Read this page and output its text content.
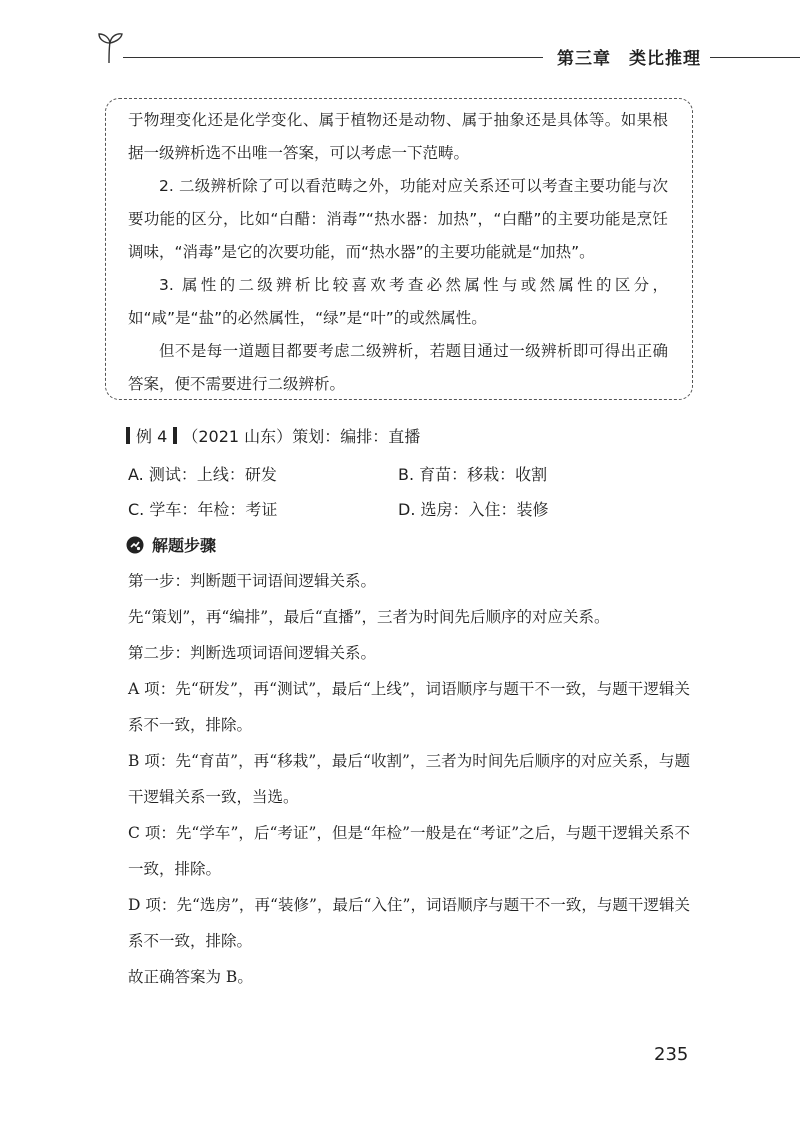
第三章 类比推理

于物理变化还是化学变化、属于植物还是动物、属于抽象还是具体等。如果根据一级辨析选不出唯一答案，可以考虑一下范畴。

2. 二级辨析除了可以看范畴之外，功能对应关系还可以考查主要功能与次要功能的区分，比如“白醋：消毒”“热水器：加热”，“白醋”的主要功能是烹饪调味，“消毒”是它的次要功能，而“热水器”的主要功能就是“加热”。

3. 属性的二级辨析比较喜欢考查必然属性与或然属性的区分，如“咸”是“盐”的必然属性，“绿”是“叶”的或然属性。

但不是每一道题目都要考虑二级辨析，若题目通过一级辨析即可得出正确答案，便不需要进行二级辨析。

例 4 （2021 山东）策划：编排：直播
A. 测试：上线：研发	B. 育苗：移栽：收割
C. 学车：年检：考证	D. 选房：入住：装修
解题步骤

第一步：判断题干词语间逻辑关系。

先“策划”，再“编排”，最后“直播”，三者为时间先后顺序的对应关系。

第二步：判断选项词语间逻辑关系。

A 项：先“研发”，再“测试”，最后“上线”，词语顺序与题干不一致，与题干逻辑关系不一致，排除。

B 项：先“育苗”，再“移栽”，最后“收割”，三者为时间先后顺序的对应关系，与题干逻辑关系一致，当选。

C 项：先“学车”，后“考证”，但是“年检”一般是在“考证”之后，与题干逻辑关系不一致，排除。

D 项：先“选房”，再“装修”，最后“入住”，词语顺序与题干不一致，与题干逻辑关系不一致，排除。

故正确答案为 B。

235
